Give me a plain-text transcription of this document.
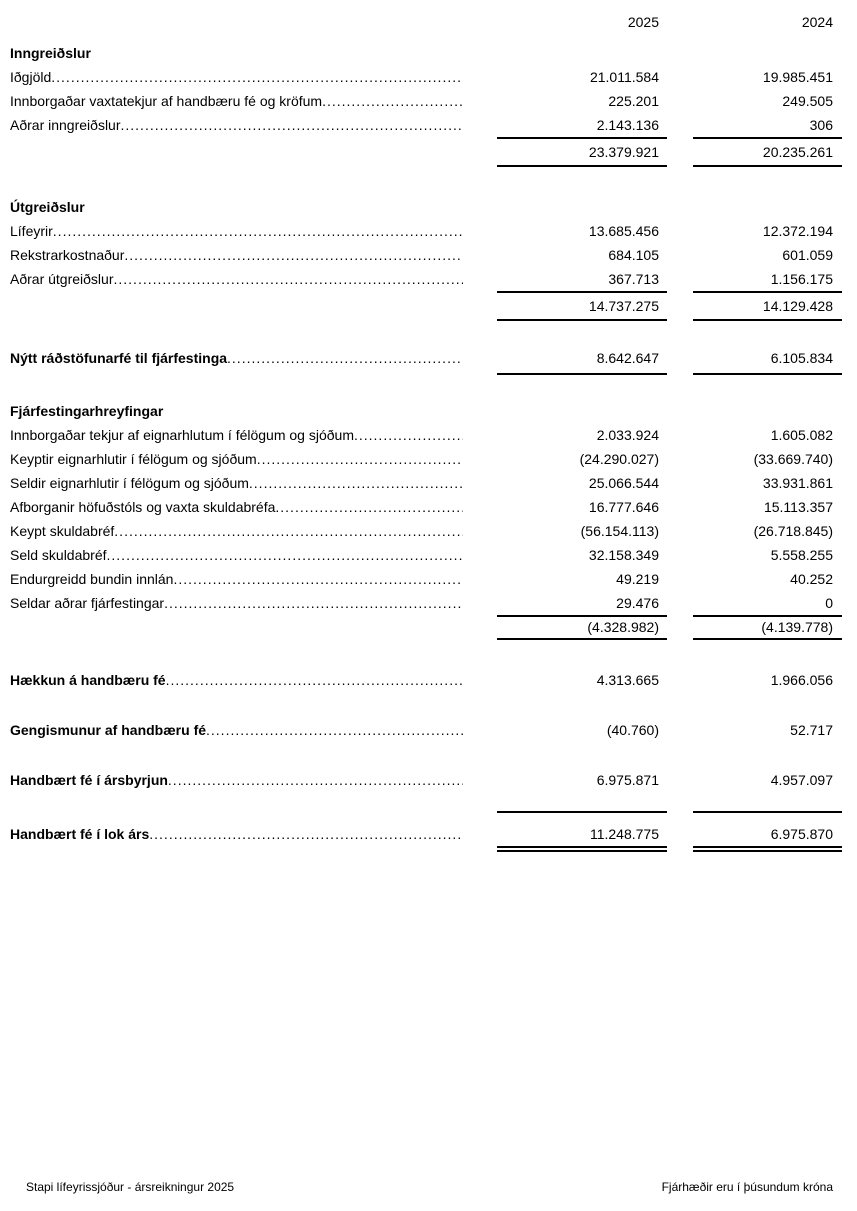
2025	2024
Inngreiðslur
Iðgjöld .....	21.011.584	19.985.451
Innborgaðar vaxtatekjur af handbæru fé og kröfum .....	225.201	249.505
Aðrar inngreiðslur .....	2.143.136	306
23.379.921	20.235.261
Útgreiðslur
Lífeyrir .....	13.685.456	12.372.194
Rekstrarkostnaður .....	684.105	601.059
Aðrar útgreiðslur .....	367.713	1.156.175
14.737.275	14.129.428
Nýtt ráðstöfunarfé til fjárfestinga .....	8.642.647	6.105.834
Fjárfestingarhreyfingar
Innborgaðar tekjur af eignarhlutum í félögum og sjóðum .....	2.033.924	1.605.082
Keyptir eignarhlutir í félögum og sjóðum .....	(24.290.027)	(33.669.740)
Seldir eignarhlutir í félögum og sjóðum .....	25.066.544	33.931.861
Afborganir höfuðstóls og vaxta skuldabréfa .....	16.777.646	15.113.357
Keypt skuldabréf .....	(56.154.113)	(26.718.845)
Seld skuldabréf .....	32.158.349	5.558.255
Endurgreidd bundin innlán .....	49.219	40.252
Seldar aðrar fjárfestingar .....	29.476	0
(4.328.982)	(4.139.778)
Hækkun á handbæru fé .....	4.313.665	1.966.056
Gengismunur af handbæru fé .....	(40.760)	52.717
Handbært fé í ársbyrjun .....	6.975.871	4.957.097
Handbært fé í lok árs .....	11.248.775	6.975.870
Stapi lífeyrissjóður - ársreikningur 2025	Fjárhæðir eru í þúsundum króna
